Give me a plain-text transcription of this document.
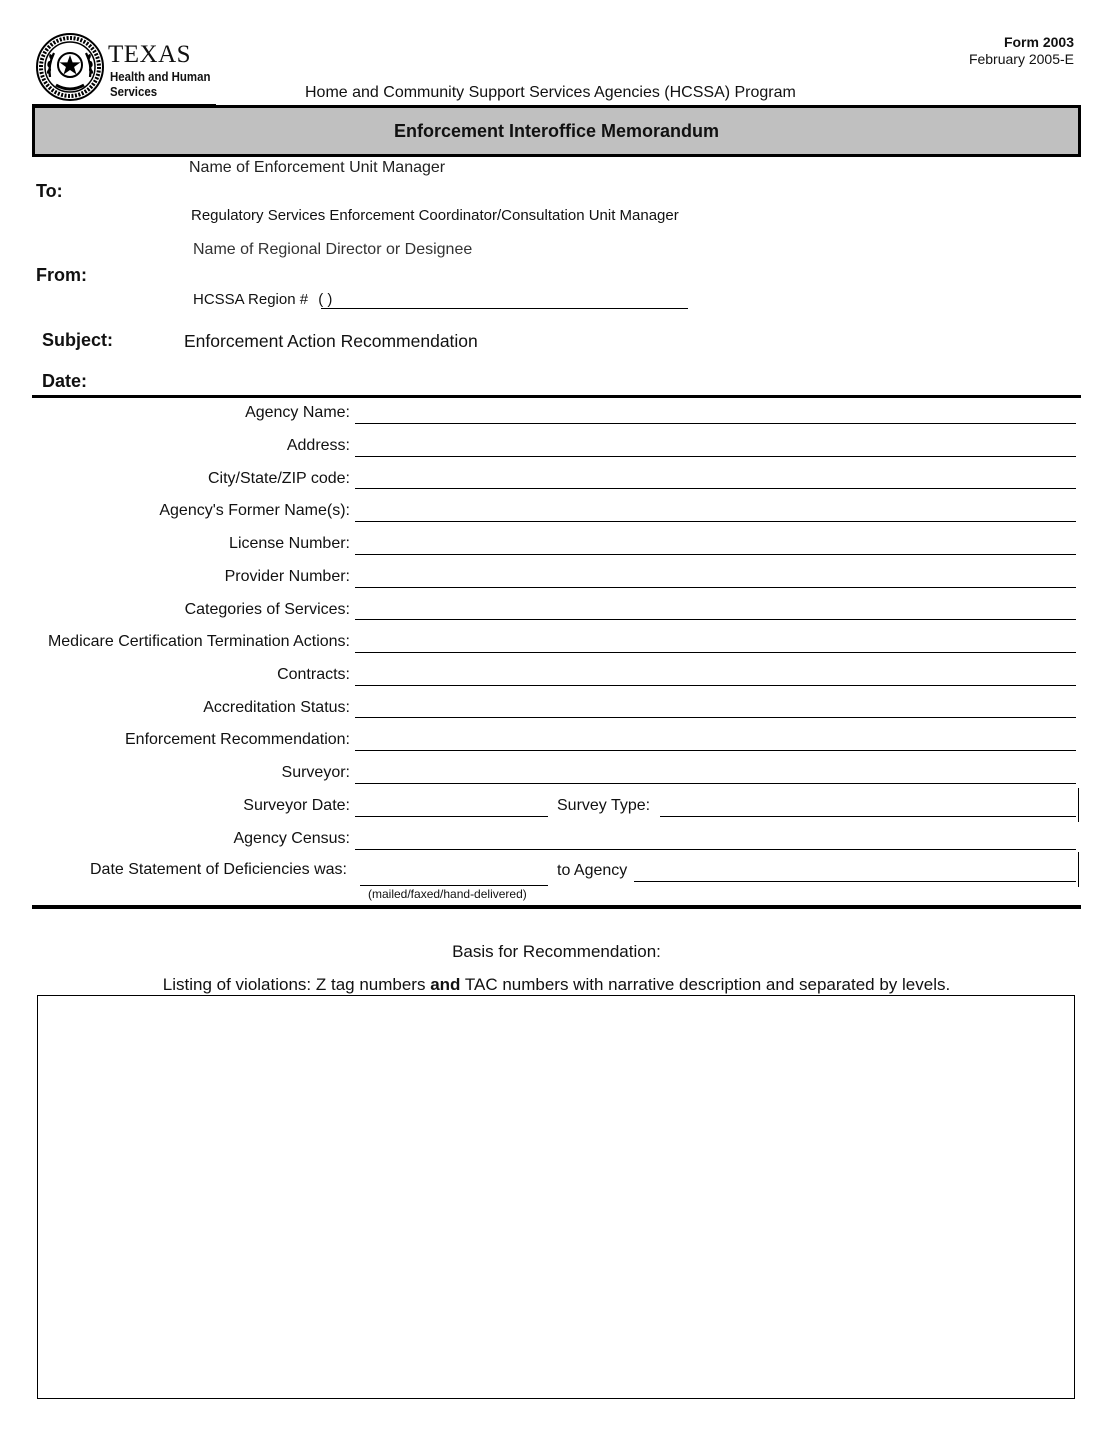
TEXAS
Health and Human
Services
Form 2003
February 2005-E
Home and Community Support Services Agencies (HCSSA) Program
Enforcement Interoffice Memorandum
Name of Enforcement Unit Manager
To:
Regulatory Services Enforcement Coordinator/Consultation Unit Manager
Name of Regional Director or Designee
From:
HCSSA Region # ( )
Subject:	Enforcement Action Recommendation
Date:
Agency Name:
Address:
City/State/ZIP code:
Agency's Former Name(s):
License Number:
Provider Number:
Categories of Services:
Medicare Certification Termination Actions:
Contracts:
Accreditation Status:
Enforcement Recommendation:
Surveyor:
Surveyor Date:	Survey Type:
Agency Census:
Date Statement of Deficiencies was:
(mailed/faxed/hand-delivered)
to Agency
Basis for Recommendation:
Listing of violations: Z tag numbers and TAC numbers with narrative description and separated by levels.
